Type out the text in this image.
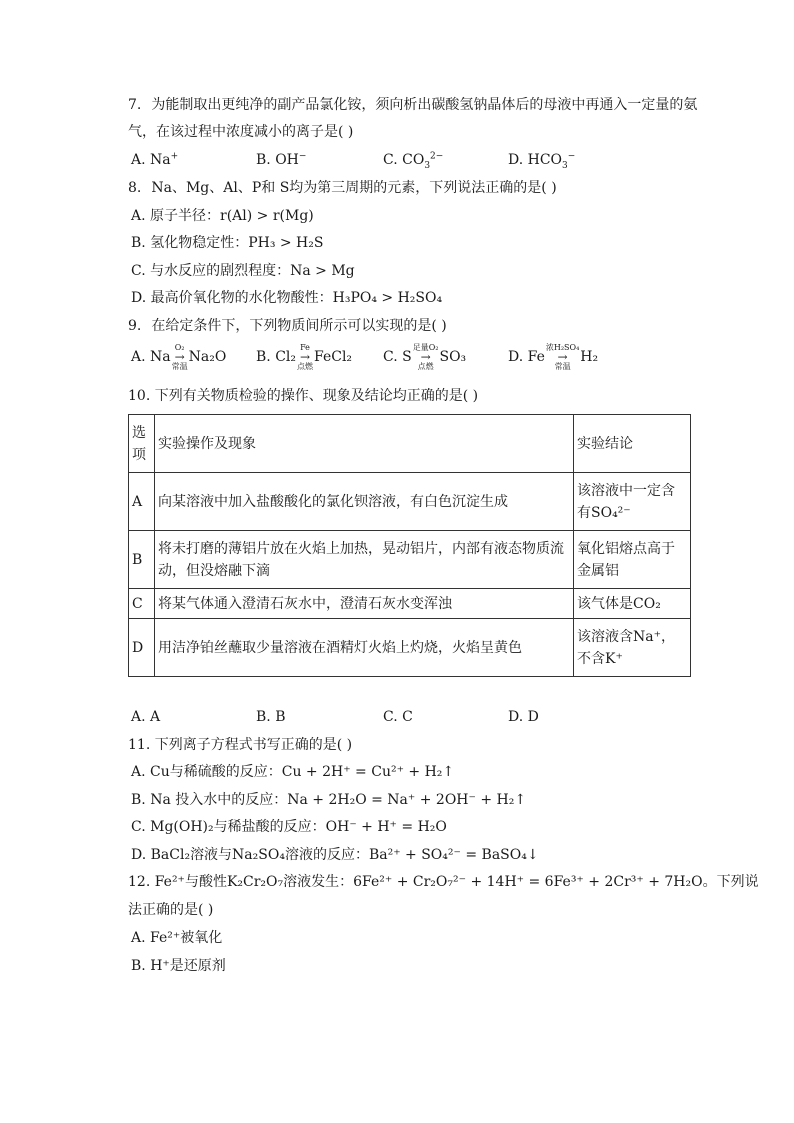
7. 为能制取出更纯净的副产品氯化铵，须向析出碳酸氢钠晶体后的母液中再通入一定量的氨
气，在该过程中浓度减小的离子是( )
A. Na+	B. OH−	C. $CO_3^{2-}$	D. $HCO_3^-$
8. Na、Mg、Al、P和 S均为第三周期的元素，下列说法正确的是( )
A. 原子半径：r(Al) > r(Mg)
B. 氢化物稳定性：PH₃ > H₂S
C. 与水反应的剧烈程度：Na > Mg
D. 最高价氧化物的水化物酸性：H₃PO₄ > H₂SO₄
9. 在给定条件下，下列物质间所示可以实现的是( )
A. Na
O₂
→
常温
Na₂O B. Cl₂
Fe
→
点燃
FeCl₂ C. S
足量O₂
→
点燃
SO₃	D. Fe
浓H₂SO₄
→
常温
H₂
10. 下列有关物质检验的操作、现象及结论均正确的是( )
选项	实验操作及现象	实验结论
A	向某溶液中加入盐酸酸化的氯化钡溶液，有白色沉淀生成	该溶液中一定含有SO₄²⁻
B	将未打磨的薄铝片放在火焰上加热，晃动铝片，内部有液态物质流动，但没熔融下滴	氧化铝熔点高于金属铝
C	将某气体通入澄清石灰水中，澄清石灰水变浑浊	该气体是CO₂
D	用洁净铂丝蘸取少量溶液在酒精灯火焰上灼烧，火焰呈黄色	该溶液含Na⁺，不含K⁺
A. A	B. B	C. C	D. D
11. 下列离子方程式书写正确的是( )
A. Cu与稀硫酸的反应：Cu + 2H⁺ = Cu²⁺ + H₂↑
B. Na 投入水中的反应：Na + 2H₂O = Na⁺ + 2OH⁻ + H₂↑
C. Mg(OH)₂与稀盐酸的反应：OH⁻ + H⁺ = H₂O
D. BaCl₂溶液与Na₂SO₄溶液的反应：Ba²⁺ + SO₄²⁻ = BaSO₄↓
12. Fe²⁺与酸性K₂Cr₂O₇溶液发生：6Fe²⁺ + Cr₂O₇²⁻ + 14H⁺ = 6Fe³⁺ + 2Cr³⁺ + 7H₂O。下列说
法正确的是( )
A. Fe²⁺被氧化
B. H⁺是还原剂
